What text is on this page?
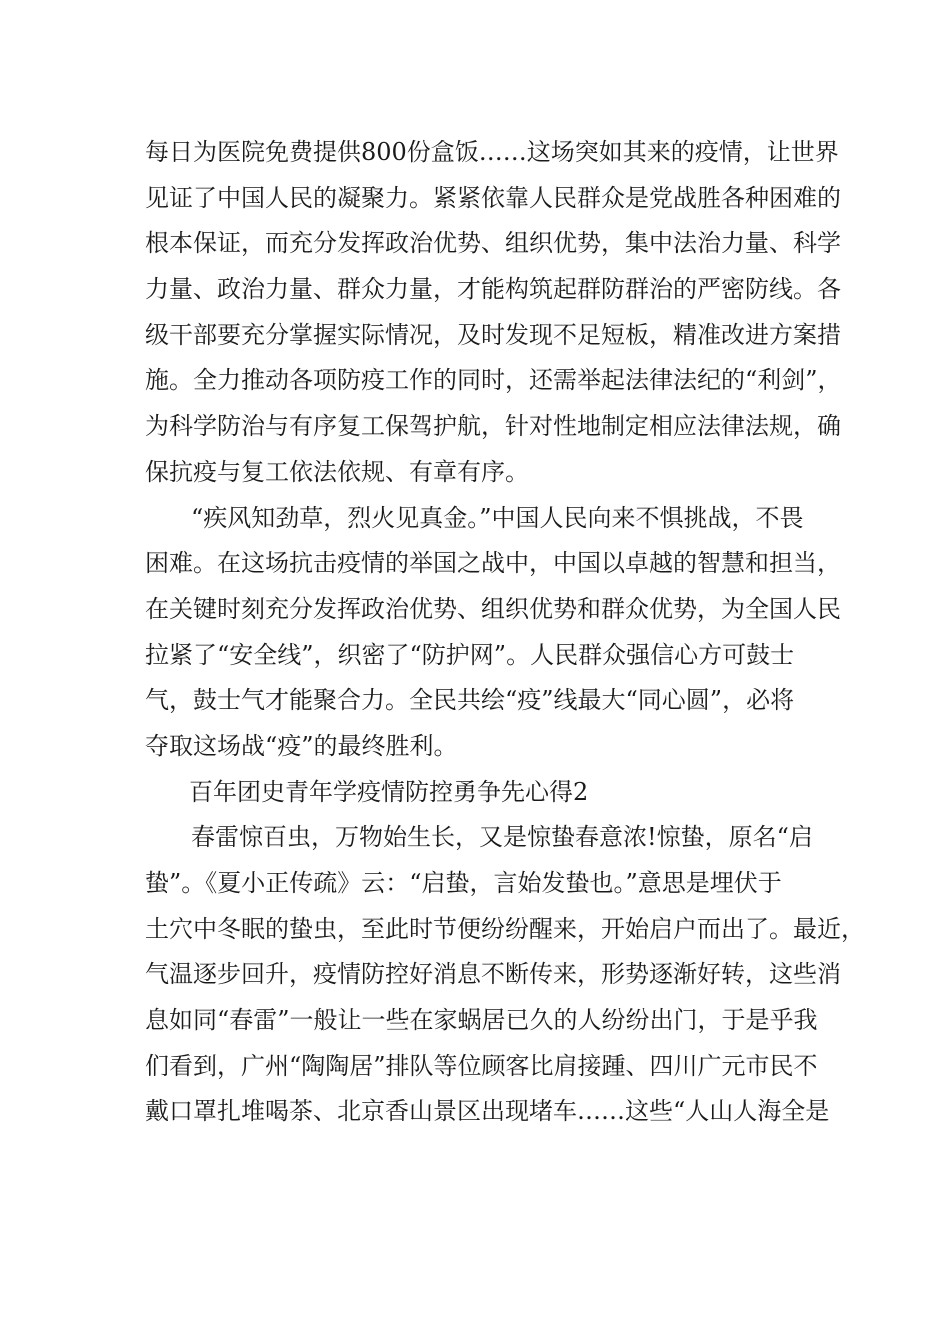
每日为医院免费提供800份盒饭……这场突如其来的疫情，让世界
见证了中国人民的凝聚力。紧紧依靠人民群众是党战胜各种困难的
根本保证，而充分发挥政治优势、组织优势，集中法治力量、科学
力量、政治力量、群众力量，才能构筑起群防群治的严密防线。各
级干部要充分掌握实际情况，及时发现不足短板，精准改进方案措
施。全力推动各项防疫工作的同时，还需举起法律法纪的“利剑”，
为科学防治与有序复工保驾护航，针对性地制定相应法律法规，确
保抗疫与复工依法依规、有章有序。
“疾风知劲草，烈火见真金。”中国人民向来不惧挑战，不畏
困难。在这场抗击疫情的举国之战中，中国以卓越的智慧和担当，
在关键时刻充分发挥政治优势、组织优势和群众优势，为全国人民
拉紧了“安全线”，织密了“防护网”。人民群众强信心方可鼓士
气，鼓士气才能聚合力。全民共绘“疫”线最大“同心圆”，必将
夺取这场战“疫”的最终胜利。
百年团史青年学疫情防控勇争先心得2
春雷惊百虫，万物始生长，又是惊蛰春意浓!惊蛰，原名“启
蛰”。《夏小正传疏》云：“启蛰，言始发蛰也。”意思是埋伏于
土穴中冬眠的蛰虫，至此时节便纷纷醒来，开始启户而出了。最近，
气温逐步回升，疫情防控好消息不断传来，形势逐渐好转，这些消
息如同“春雷”一般让一些在家蜗居已久的人纷纷出门，于是乎我
们看到，广州“陶陶居”排队等位顾客比肩接踵、四川广元市民不
戴口罩扎堆喝茶、北京香山景区出现堵车……这些“人山人海全是
